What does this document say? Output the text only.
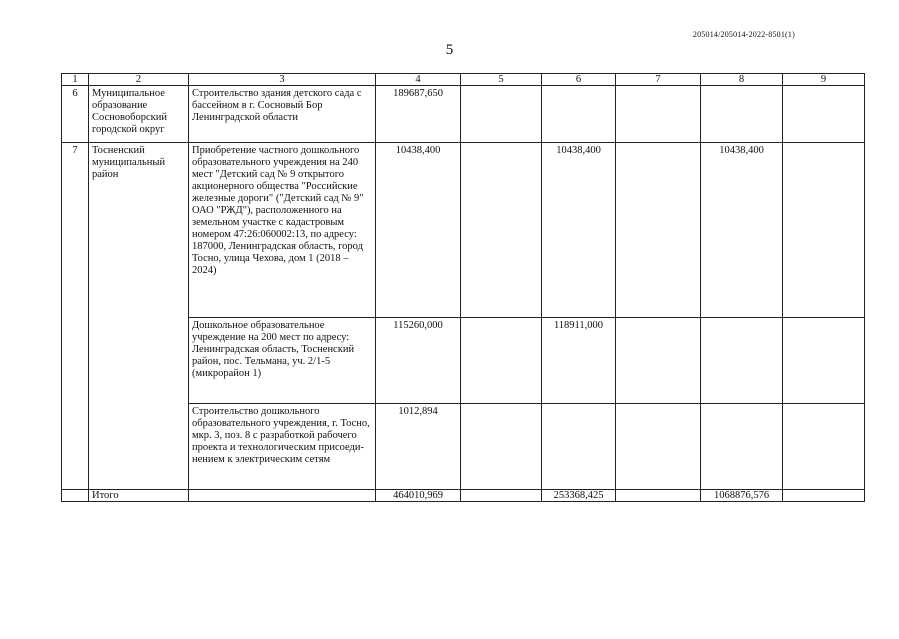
205014/205014-2022-8501(1)
5
1	2	3	4	5	6	7	8	9
6	Муниципальное образование Сосновоборский городской округ	Строительство здания детского сада с бассейном в г. Сосновый Бор Ленинградской области	189687,650					
7	Тосненский муниципальный район	Приобретение частного дошкольного образовательного учреждения на 240 мест "Детский сад № 9 открытого акционерного общества "Российские железные дороги" ("Детский сад № 9" ОАО "РЖД"), расположенного на земельном участке с кадастровым номером 47:26:060002:13, по адресу: 187000, Ленинградская область, город Тосно, улица Чехова, дом 1 (2018 – 2024)	10438,400		10438,400		10438,400	
		Дошкольное образовательное учреждение на 200 мест по адресу: Ленинградская область, Тосненский район, пос. Тельмана, уч. 2/1-5 (микрорайон 1)	115260,000		118911,000			
		Строительство дошкольного образовательного учреждения, г. Тосно, мкр. 3, поз. 8 с разработкой рабочего проекта и технологическим присоеди-нением к электрическим сетям	1012,894					
	Итого		464010,969		253368,425		1068876,576	
